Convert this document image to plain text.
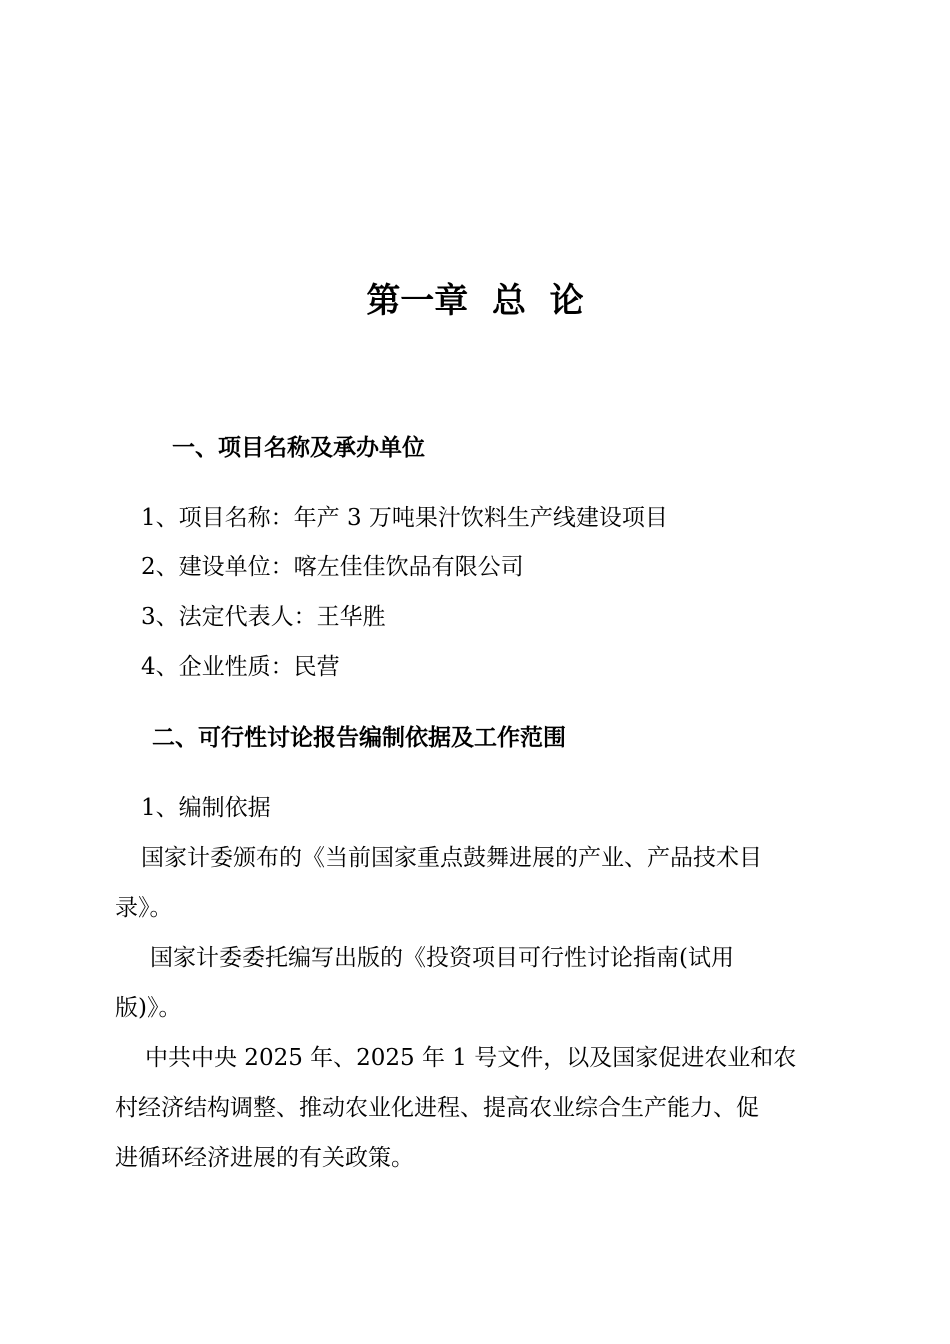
第一章  总  论
一、项目名称及承办单位

1、项目名称：年产 3 万吨果汁饮料生产线建设项目

2、建设单位：喀左佳佳饮品有限公司

3、法定代表人：王华胜

4、企业性质：民营

二、可行性讨论报告编制依据及工作范围

1、编制依据

国家计委颁布的《当前国家重点鼓舞进展的产业、产品技术目

录》。

国家计委委托编写出版的《投资项目可行性讨论指南(试用

版)》。

中共中央 2025 年、2025 年 1 号文件，以及国家促进农业和农

村经济结构调整、推动农业化进程、提高农业综合生产能力、促

进循环经济进展的有关政策。
